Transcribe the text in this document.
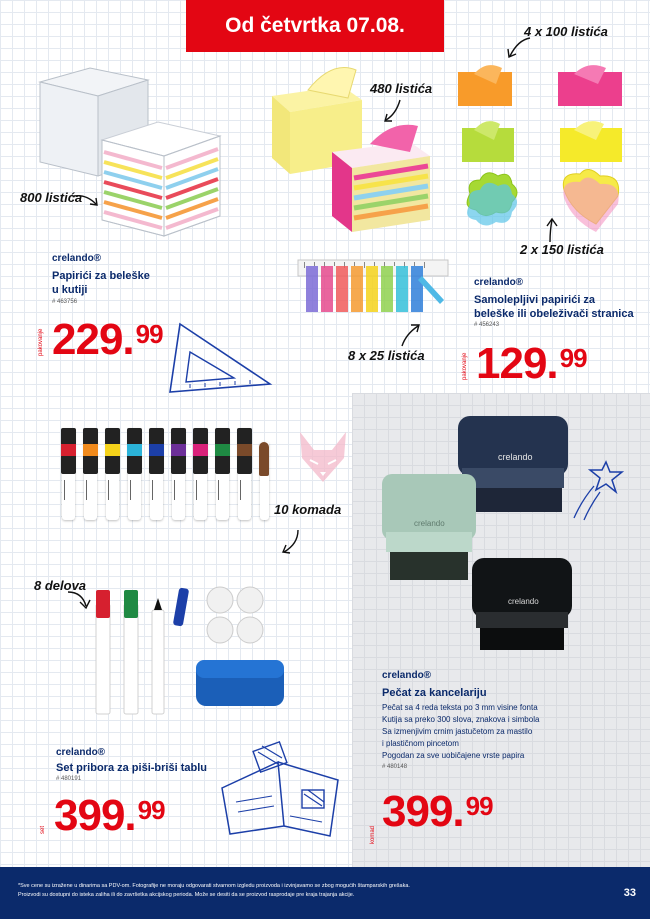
Od četvrtka 07.08.
800 listića
crelando®
Papirići za beleške
u kutiji
# 463756
pakovanje 229.99
480 listića
4 x 100 listića
2 x 150 listića
8 x 25 listića
crelando®
Samolepljivi papirići za
beleške ili obeleživači stranica
# 456243
pakovanje 129.99
10 komada
8 delova
crelando®
Set pribora za piši-briši tablu
# 480191
set 399.99
crelando
crelando
crelando
crelando®
Pečat za kancelariju
Pečat sa 4 reda teksta po 3 mm visine fonta
Kutija sa preko 300 slova, znakova i simbola
Sa izmenjivim crnim jastučetom za mastilo
i plastičnom pincetom
Pogodan za sve uobičajene vrste papira
# 480148
komad 399.99
*Sve cene su izražene u dinarima sa PDV-om. Fotografije ne moraju odgovarati stvarnom izgledu proizvoda i izvinjavamo se zbog mogućih štamparskih grešaka.
Proizvodi su dostupni do isteka zaliha ili do završetka akcijskog perioda. Može se desiti da se proizvod rasprodaje pre kraja trajanja akcije.	33
